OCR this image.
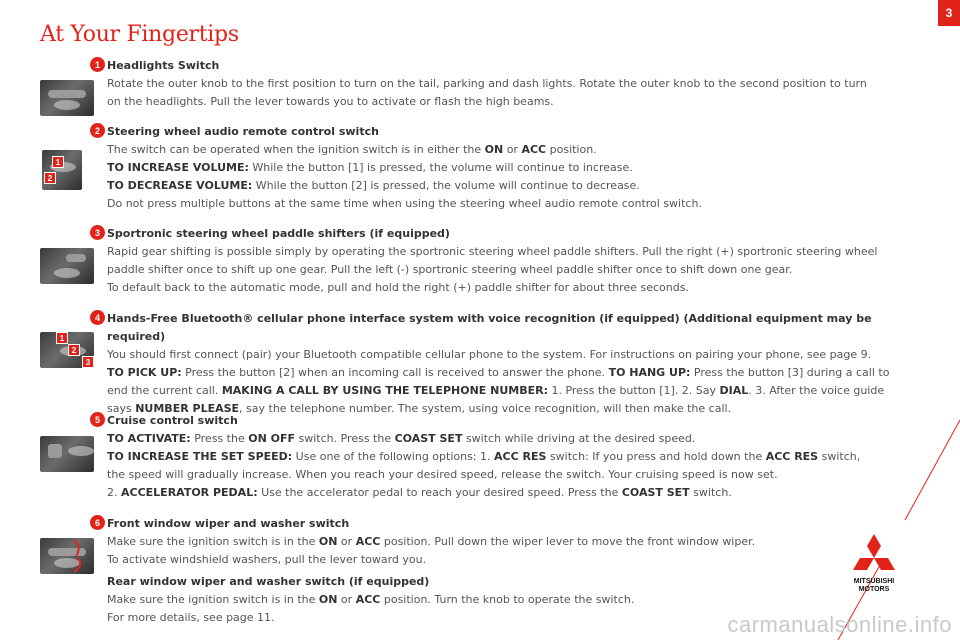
3
At Your Fingertips
1
2
1
2
3
1 Headlights Switch
Rotate the outer knob to the first position to turn on the tail, parking and dash lights. Rotate the outer knob to the second position to turn
on the headlights. Pull the lever towards you to activate or flash the high beams.
2 Steering wheel audio remote control switch
The switch can be operated when the ignition switch is in either the ON or ACC position.
TO INCREASE VOLUME: While the button [1] is pressed, the volume will continue to increase.
TO DECREASE VOLUME: While the button [2] is pressed, the volume will continue to decrease.
Do not press multiple buttons at the same time when using the steering wheel audio remote control switch.
3 Sportronic steering wheel paddle shifters (if equipped)
Rapid gear shifting is possible simply by operating the sportronic steering wheel paddle shifters. Pull the right (+) sportronic steering wheel
paddle shifter once to shift up one gear. Pull the left (-) sportronic steering wheel paddle shifter once to shift down one gear.
To default back to the automatic mode, pull and hold the right (+) paddle shifter for about three seconds.
4 Hands-Free Bluetooth® cellular phone interface system with voice recognition (if equipped) (Additional equipment may be required)
You should first connect (pair) your Bluetooth compatible cellular phone to the system. For instructions on pairing your phone, see page 9.
TO PICK UP: Press the button [2] when an incoming call is received to answer the phone. TO HANG UP: Press the button [3] during a call to
end the current call. MAKING A CALL BY USING THE TELEPHONE NUMBER: 1. Press the button [1]. 2. Say DIAL. 3. After the voice guide
says NUMBER PLEASE, say the telephone number. The system, using voice recognition, will then make the call.
5 Cruise control switch
TO ACTIVATE: Press the ON OFF switch. Press the COAST SET switch while driving at the desired speed.
TO INCREASE THE SET SPEED: Use one of the following options: 1. ACC RES switch: If you press and hold down the ACC RES switch,
the speed will gradually increase. When you reach your desired speed, release the switch. Your cruising speed is now set.
2. ACCELERATOR PEDAL: Use the accelerator pedal to reach your desired speed. Press the COAST SET switch.
6 Front window wiper and washer switch
Make sure the ignition switch is in the ON or ACC position. Pull down the wiper lever to move the front window wiper.
To activate windshield washers, pull the lever toward you.
Rear window wiper and washer switch (if equipped)
Make sure the ignition switch is in the ON or ACC position. Turn the knob to operate the switch.
For more details, see page 11.
MITSUBISHI
MOTORS
carmanualsonline.info
